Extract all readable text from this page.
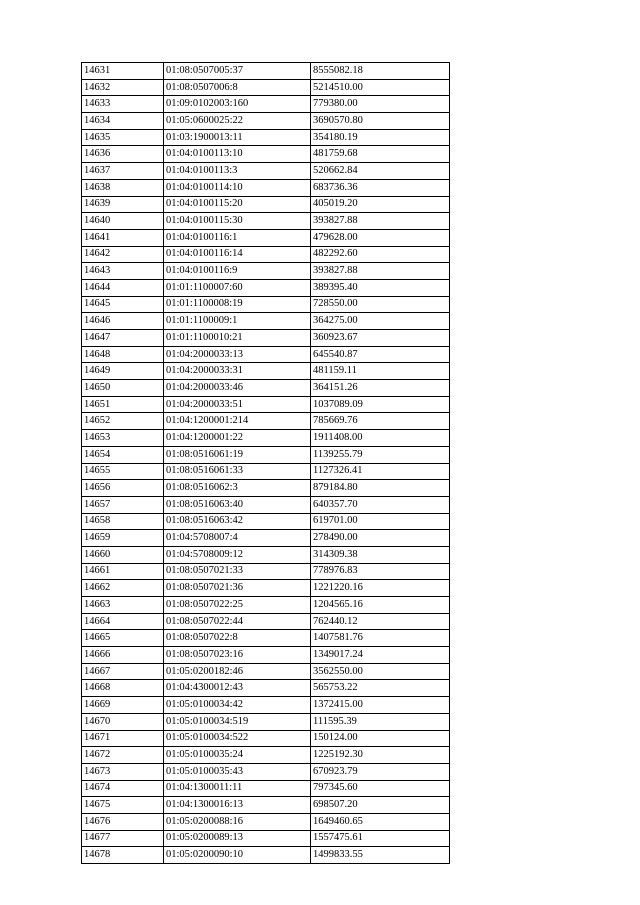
14631	01:08:0507005:37	8555082.18
14632	01:08:0507006:8	5214510.00
14633	01:09:0102003:160	779380.00
14634	01:05:0600025:22	3690570.80
14635	01:03:1900013:11	354180.19
14636	01:04:0100113:10	481759.68
14637	01:04:0100113:3	520662.84
14638	01:04:0100114:10	683736.36
14639	01:04:0100115:20	405019.20
14640	01:04:0100115:30	393827.88
14641	01:04:0100116:1	479628.00
14642	01:04:0100116:14	482292.60
14643	01:04:0100116:9	393827.88
14644	01:01:1100007:60	389395.40
14645	01:01:1100008:19	728550.00
14646	01:01:1100009:1	364275.00
14647	01:01:1100010:21	360923.67
14648	01:04:2000033:13	645540.87
14649	01:04:2000033:31	481159.11
14650	01:04:2000033:46	364151.26
14651	01:04:2000033:51	1037089.09
14652	01:04:1200001:214	785669.76
14653	01:04:1200001:22	1911408.00
14654	01:08:0516061:19	1139255.79
14655	01:08:0516061:33	1127326.41
14656	01:08:0516062:3	879184.80
14657	01:08:0516063:40	640357.70
14658	01:08:0516063:42	619701.00
14659	01:04:5708007:4	278490.00
14660	01:04:5708009:12	314309.38
14661	01:08:0507021:33	778976.83
14662	01:08:0507021:36	1221220.16
14663	01:08:0507022:25	1204565.16
14664	01:08:0507022:44	762440.12
14665	01:08:0507022:8	1407581.76
14666	01:08:0507023:16	1349017.24
14667	01:05:0200182:46	3562550.00
14668	01:04:4300012:43	565753.22
14669	01:05:0100034:42	1372415.00
14670	01:05:0100034:519	111595.39
14671	01:05:0100034:522	150124.00
14672	01:05:0100035:24	1225192.30
14673	01:05:0100035:43	670923.79
14674	01:04:1300011:11	797345.60
14675	01:04:1300016:13	698507.20
14676	01:05:0200088:16	1649460.65
14677	01:05:0200089:13	1557475.61
14678	01:05:0200090:10	1499833.55
